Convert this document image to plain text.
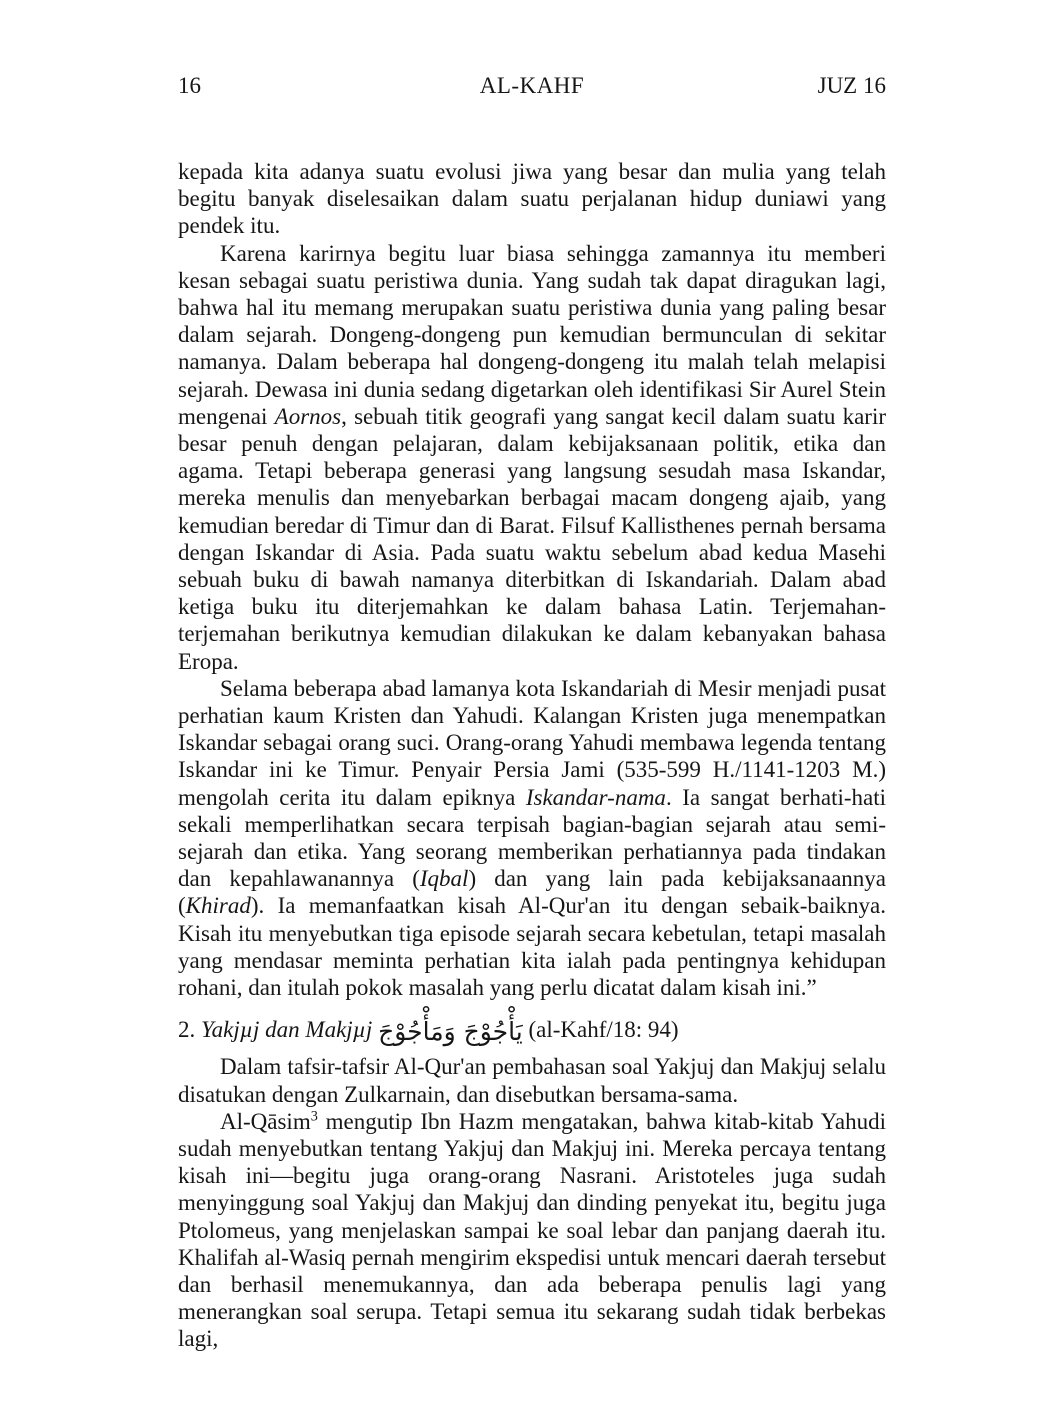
16	AL-KAHF	JUZ 16

kepada kita adanya suatu evolusi jiwa yang besar dan mulia yang telah begitu banyak diselesaikan dalam suatu perjalanan hidup duniawi yang pendek itu.

Karena karirnya begitu luar biasa sehingga zamannya itu memberi kesan sebagai suatu peristiwa dunia. Yang sudah tak dapat diragukan lagi, bahwa hal itu memang merupakan suatu peristiwa dunia yang paling besar dalam sejarah. Dongeng-dongeng pun kemudian bermunculan di sekitar namanya. Dalam beberapa hal dongeng-dongeng itu malah telah melapisi sejarah. Dewasa ini dunia sedang digetarkan oleh identifikasi Sir Aurel Stein mengenai Aornos, sebuah titik geografi yang sangat kecil dalam suatu karir besar penuh dengan pelajaran, dalam kebijaksanaan politik, etika dan agama. Tetapi beberapa generasi yang langsung sesudah masa Iskandar, mereka menulis dan menyebarkan berbagai macam dongeng ajaib, yang kemudian beredar di Timur dan di Barat. Filsuf Kallisthenes pernah bersama dengan Iskandar di Asia. Pada suatu waktu sebelum abad kedua Masehi sebuah buku di bawah namanya diterbitkan di Iskandariah. Dalam abad ketiga buku itu diterjemahkan ke dalam bahasa Latin. Terjemahan-terjemahan berikutnya kemudian dilakukan ke dalam kebanyakan bahasa Eropa.

Selama beberapa abad lamanya kota Iskandariah di Mesir menjadi pusat perhatian kaum Kristen dan Yahudi. Kalangan Kristen juga menempatkan Iskandar sebagai orang suci. Orang-orang Yahudi membawa legenda tentang Iskandar ini ke Timur. Penyair Persia Jami (535-599 H./1141-1203 M.) mengolah cerita itu dalam epiknya Iskandar-nama. Ia sangat berhati-hati sekali memperlihatkan secara terpisah bagian-bagian sejarah atau semi-sejarah dan etika. Yang seorang memberikan perhatiannya pada tindakan dan kepahlawanannya (Iqbal) dan yang lain pada kebijaksanaannya (Khirad). Ia memanfaatkan kisah Al-Qur'an itu dengan sebaik-baiknya. Kisah itu menyebutkan tiga episode sejarah secara kebetulan, tetapi masalah yang mendasar meminta perhatian kita ialah pada pentingnya kehidupan rohani, dan itulah pokok masalah yang perlu dicatat dalam kisah ini.”

2. Yakjµj dan Makjµj يَأْجُوْجَ وَمَأْجُوْجَ (al-Kahf/18: 94)

Dalam tafsir-tafsir Al-Qur'an pembahasan soal Yakjuj dan Makjuj selalu disatukan dengan Zulkarnain, dan disebutkan bersama-sama.

Al-Qāsim$^3$ mengutip Ibn Hazm mengatakan, bahwa kitab-kitab Yahudi sudah menyebutkan tentang Yakjuj dan Makjuj ini. Mereka percaya tentang kisah ini—begitu juga orang-orang Nasrani. Aristoteles juga sudah menyinggung soal Yakjuj dan Makjuj dan dinding penyekat itu, begitu juga Ptolomeus, yang menjelaskan sampai ke soal lebar dan panjang daerah itu. Khalifah al-Wasiq pernah mengirim ekspedisi untuk mencari daerah tersebut dan berhasil menemukannya, dan ada beberapa penulis lagi yang menerangkan soal serupa. Tetapi semua itu sekarang sudah tidak berbekas lagi,
